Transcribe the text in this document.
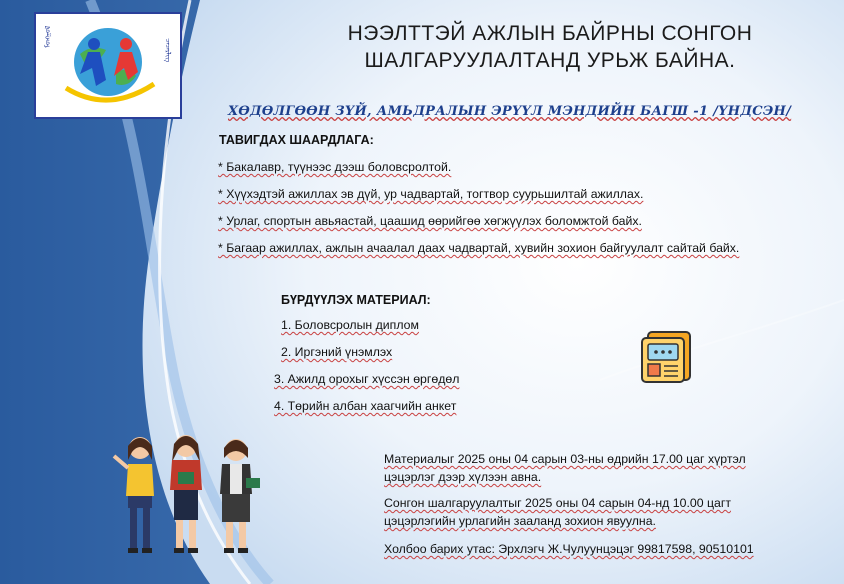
ᠮᠣᠩᠭᠣᠯ
ᠴᠡᠴᠡᠷᠯᠢᠭ
НЭЭЛТТЭЙ АЖЛЫН БАЙРНЫ СОНГОН
ШАЛГАРУУЛАЛТАНД УРЬЖ БАЙНА.
ХӨДӨЛГӨӨН ЗҮЙ, АМЬДРАЛЫН ЭРҮҮЛ МЭНДИЙН БАГШ -1 /ҮНДСЭН/
ТАВИГДАХ ШААРДЛАГА:
* Бакалавр, түүнээс дээш боловсролтой.
* Хүүхэдтэй ажиллах эв дүй, ур чадвартай, тогтвор суурьшилтай ажиллах.
* Урлаг, спортын авьяастай, цаашид өөрийгөө хөгжүүлэх боломжтой байх.
* Багаар ажиллах, ажлын ачаалал даах чадвартай, хувийн зохион байгуулалт сайтай байх.
БҮРДҮҮЛЭХ МАТЕРИАЛ:
1. Боловсролын диплом
2. Иргэний үнэмлэх
3. Ажилд орохыг хүссэн өргөдөл
4. Төрийн албан хаагчийн анкет
Материалыг 2025 оны 04 сарын 03-ны өдрийн 17.00 цаг хүртэл
цэцэрлэг дээр хүлээн авна.
Сонгон шалгаруулалтыг 2025 оны 04 сарын 04-нд 10.00 цагт
цэцэрлэгийн урлагийн зааланд зохион явуулна.
Холбоо барих утас: Эрхлэгч Ж.Чулуунцэцэг 99817598, 90510101
